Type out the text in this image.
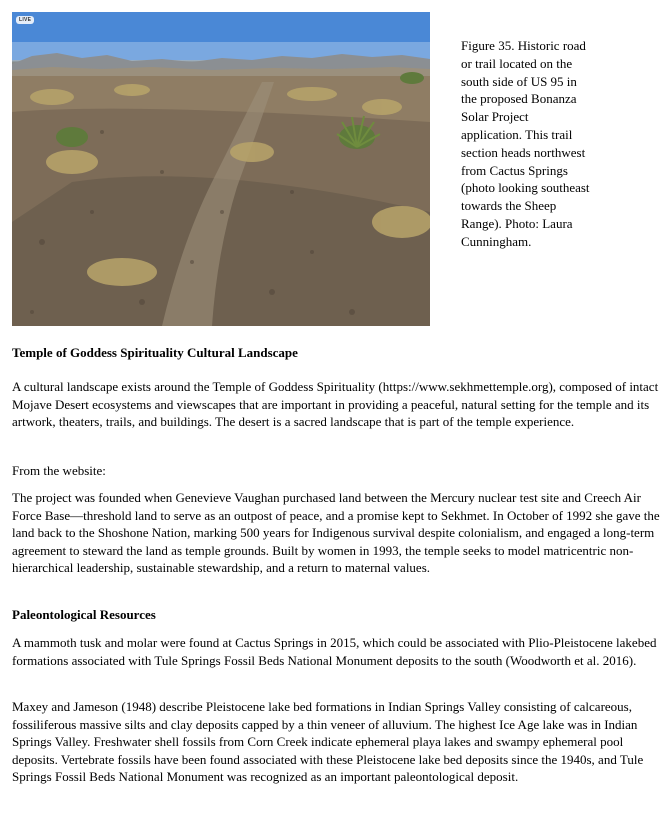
LIVE
Figure 35. Historic road or trail located on the south side of US 95 in the proposed Bonanza Solar Project application. This trail section heads northwest from Cactus Springs (photo looking southeast towards the Sheep Range). Photo: Laura Cunningham.
Temple of Goddess Spirituality Cultural Landscape
A cultural landscape exists around the Temple of Goddess Spirituality (https://www.sekhmettemple.org), composed of intact Mojave Desert ecosystems and viewscapes that are important in providing a peaceful, natural setting for the temple and its artwork, theaters, trails, and buildings. The desert is a sacred landscape that is part of the temple experience.
From the website:
The project was founded when Genevieve Vaughan purchased land between the Mercury nuclear test site and Creech Air Force Base—threshold land to serve as an outpost of peace, and a promise kept to Sekhmet. In October of 1992 she gave the land back to the Shoshone Nation, marking 500 years for Indigenous survival despite colonialism, and engaged a long-term agreement to steward the land as temple grounds. Built by women in 1993, the temple seeks to model matricentric non-hierarchical leadership, sustainable stewardship, and a return to maternal values.
Paleontological Resources
A mammoth tusk and molar were found at Cactus Springs in 2015, which could be associated with Plio-Pleistocene lakebed formations associated with Tule Springs Fossil Beds National Monument deposits to the south (Woodworth et al. 2016).
Maxey and Jameson (1948) describe Pleistocene lake bed formations in Indian Springs Valley consisting of calcareous, fossiliferous massive silts and clay deposits capped by a thin veneer of alluvium. The highest Ice Age lake was in Indian Springs Valley. Freshwater shell fossils from Corn Creek indicate ephemeral playa lakes and swampy ephemeral pool deposits. Vertebrate fossils have been found associated with these Pleistocene lake bed deposits since the 1940s, and Tule Springs Fossil Beds National Monument was recognized as an important paleontological deposit.
